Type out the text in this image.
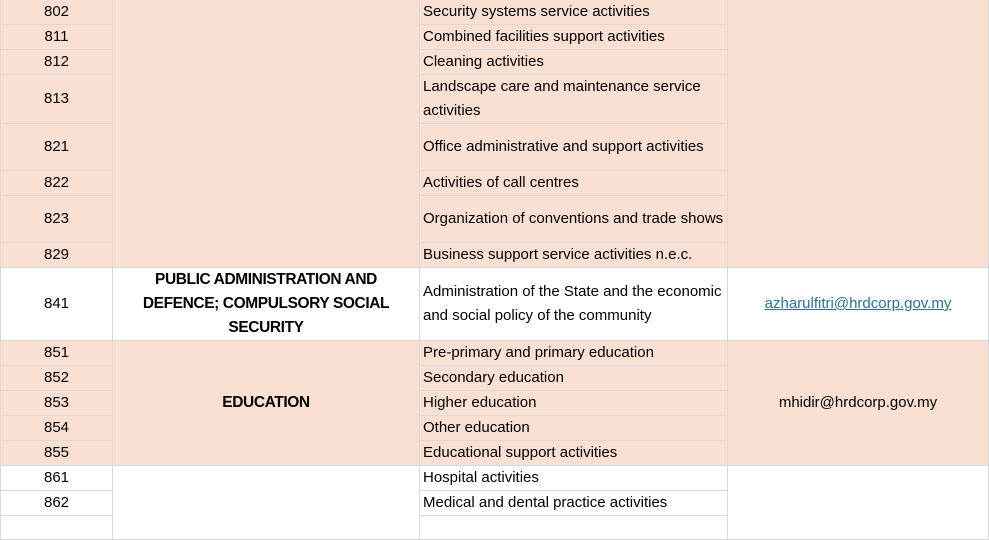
802		Security systems service activities	
811		Combined facilities support activities	
812		Cleaning activities	
813		Landscape care and maintenance service activities	
821		Office administrative and support activities	
822		Activities of call centres	
823		Organization of conventions and trade shows	
829		Business support service activities n.e.c.	
841	PUBLIC ADMINISTRATION AND DEFENCE; COMPULSORY SOCIAL SECURITY	Administration of the State and the economic and social policy of the community	azharulfitri@hrdcorp.gov.my
851	EDUCATION	Pre-primary and primary education	mhidir@hrdcorp.gov.my
852		Secondary education	
853		Higher education	
854		Other education	
855		Educational support activities	
861		Hospital activities	
862		Medical and dental practice activities	
